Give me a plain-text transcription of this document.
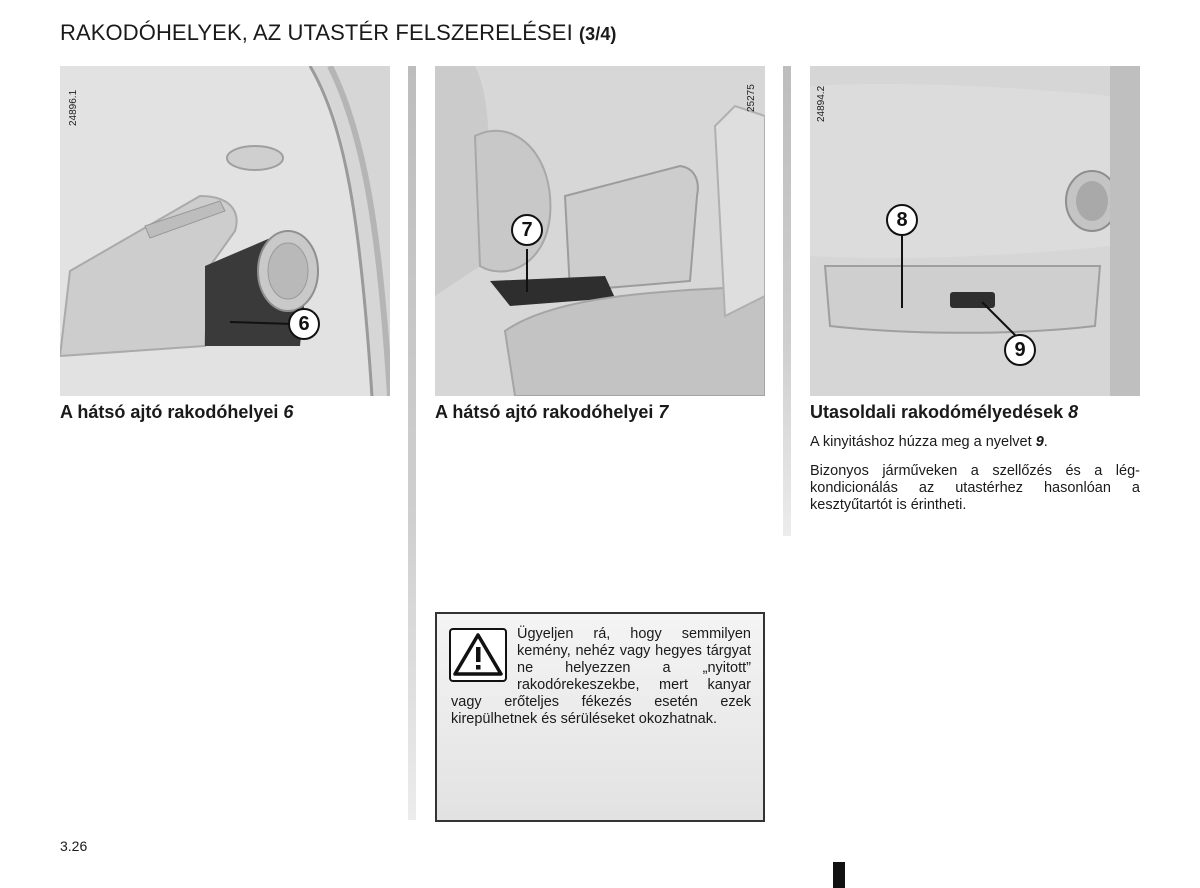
RAKODÓHELYEK, AZ UTASTÉR FELSZERELÉSEI (3/4)
6
24896.1
7
25275
8
9
24894.2
A hátsó ajtó rakodóhelyei 6	A hátsó ajtó rakodóhelyei 7	Utasoldali rakodómélyedések 8
A kinyitáshoz húzza meg a nyelvet 9.
Bizonyos járműveken a szellőzés és a légkondicionálás az utastérhez hasonlóan a kesztyűtartót is érintheti.
Ügyeljen rá, hogy semmilyen kemény, nehéz vagy hegyes tárgyat ne helyezzen a „nyitott” rakodórekeszekbe, mert kanyar vagy erőteljes fékezés esetén ezek kirepülhetnek és sérüléseket okozhatnak.
3.26
